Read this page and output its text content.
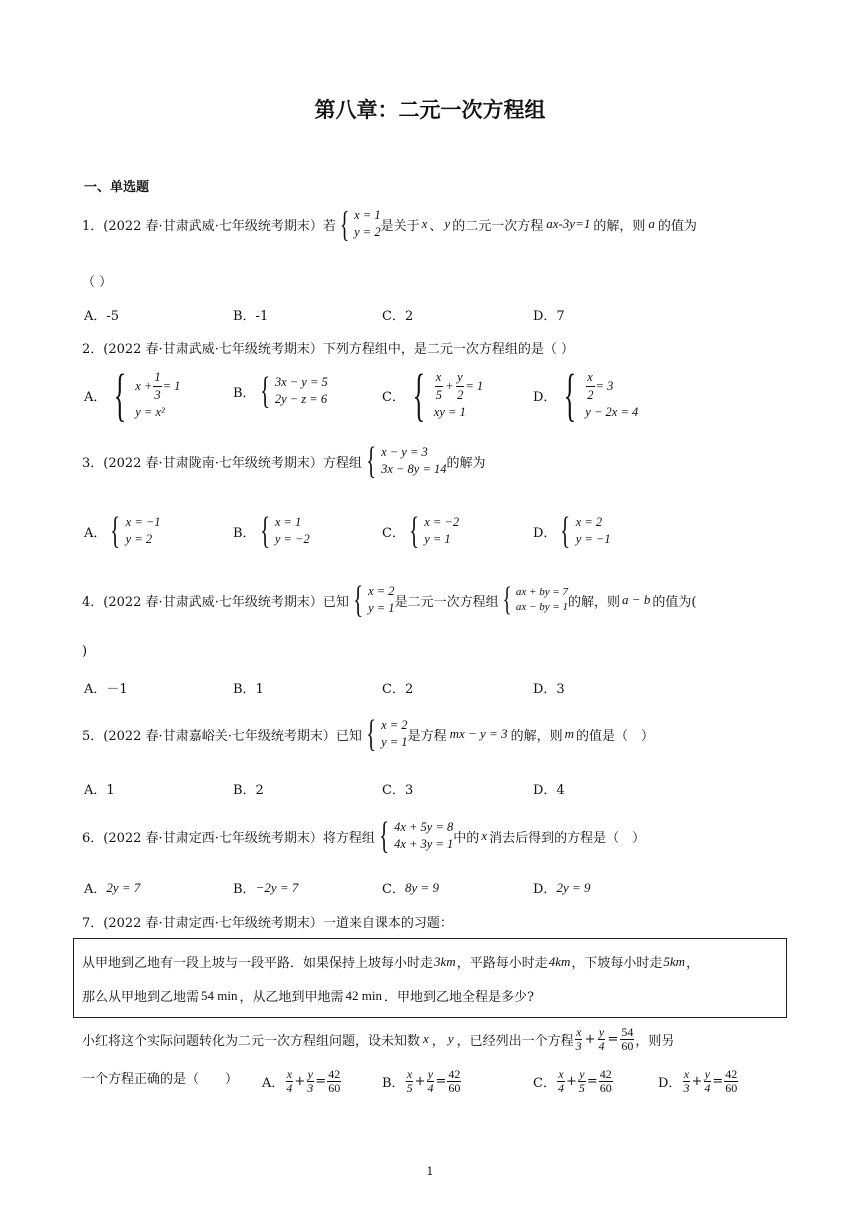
第八章：二元一次方程组
一、单选题
1．(2022 春·甘肃武威·七年级统考期末）若 { x = 1
y = 2 是关于 x 、 y 的二元一次方程 ax-3y=1 的解，则 a 的值为
（ ）
A．-5	B．-1	C．2	D．7
2．(2022 春·甘肃武威·七年级统考期末）下列方程组中，是二元一次方程组的是（ ）
A． { $x + \frac{1}{3} = 1$
y = x²
B． { 3x − y = 5
2y − z = 6	C． { $\frac{x}{5} + \frac{y}{2} = 1$
xy = 1
D． { $\frac{x}{2} = 3$
y − 2x = 4
3．(2022 春·甘肃陇南·七年级统考期末）方程组 { x − y = 3
3x − 8y = 14 的解为
A． { x = −1
y = 2	B． { x = 1
y = −2	C． { x = −2
y = 1	D． { x = 2
y = −1
4．(2022 春·甘肃武威·七年级统考期末）已知 { x = 2
y = 1 是二元一次方程组 { ax + by = 7
ax − by = 1 的解，则 a − b 的值为(
)
A．－1	B．1	C．2	D．3
5．(2022 春·甘肃嘉峪关·七年级统考期末）已知 { x = 2
y = 1 是方程 mx − y = 3 的解，则 m 的值是（　）
A．1	B．2	C．3	D．4
6．(2022 春·甘肃定西·七年级统考期末）将方程组 { 4x + 5y = 8
4x + 3y = 1 中的 x 消去后得到的方程是（　）
A． 2y = 7	B． −2y = 7	C． 8y = 9	D． 2y = 9
7．(2022 春·甘肃定西·七年级统考期末）一道来自课本的习题：
从甲地到乙地有一段上坡与一段平路．如果保持上坡每小时走 3km ，平路每小时走 4km ，下坡每小时走 5km ，
那么从甲地到乙地需 54 min ，从乙地到甲地需 42 min ．甲地到乙地全程是多少?
小红将这个实际问题转化为二元一次方程组问题，设未知数 x ， y ，已经列出一个方程 $\frac{x}{3} + \frac{y}{4} = \frac{54}{60}$ ，则另
一个方程正确的是（　　） A． $\frac{x}{4} + \frac{y}{3} = \frac{42}{60}$	B． $\frac{x}{5} + \frac{y}{4} = \frac{42}{60}$	C． $\frac{x}{4} + \frac{y}{5} = \frac{42}{60}$	D． $\frac{x}{3} + \frac{y}{4} = \frac{42}{60}$
1
